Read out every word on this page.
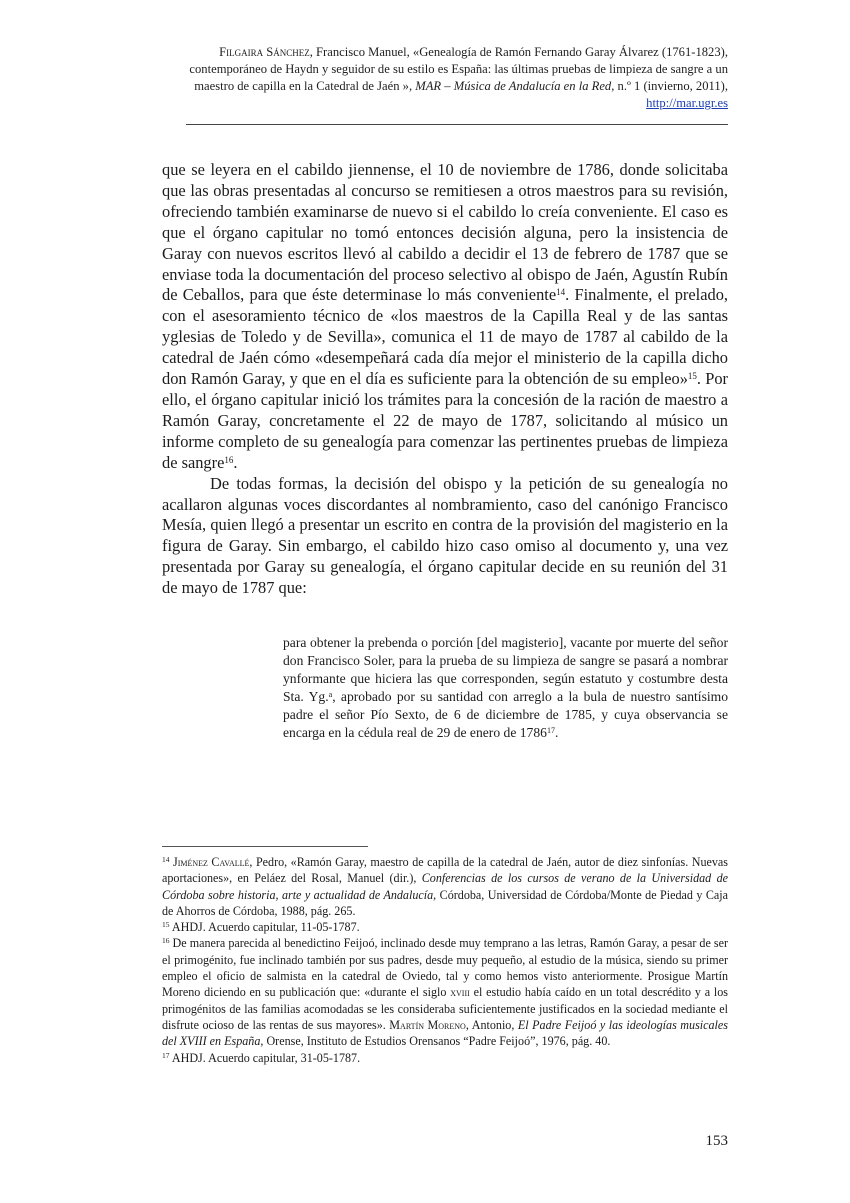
Filgaira Sánchez, Francisco Manuel, «Genealogía de Ramón Fernando Garay Álvarez (1761-1823), contemporáneo de Haydn y seguidor de su estilo es España: las últimas pruebas de limpieza de sangre a un maestro de capilla en la Catedral de Jaén », MAR – Música de Andalucía en la Red, n.º 1 (invierno, 2011), http://mar.ugr.es

que se leyera en el cabildo jiennense, el 10 de noviembre de 1786, donde solicitaba que las obras presentadas al concurso se remitiesen a otros maestros para su revisión, ofreciendo también examinarse de nuevo si el cabildo lo creía conveniente. El caso es que el órgano capitular no tomó entonces decisión alguna, pero la insistencia de Garay con nuevos escritos llevó al cabildo a decidir el 13 de febrero de 1787 que se enviase toda la documentación del proceso selectivo al obispo de Jaén, Agustín Rubín de Ceballos, para que éste determinase lo más conveniente$^{14}$. Finalmente, el prelado, con el asesoramiento técnico de «los maestros de la Capilla Real y de las santas yglesias de Toledo y de Sevilla», comunica el 11 de mayo de 1787 al cabildo de la catedral de Jaén cómo «desempeñará cada día mejor el ministerio de la capilla dicho don Ramón Garay, y que en el día es suficiente para la obtención de su empleo»$^{15}$. Por ello, el órgano capitular inició los trámites para la concesión de la ración de maestro a Ramón Garay, concretamente el 22 de mayo de 1787, solicitando al músico un informe completo de su genealogía para comenzar las pertinentes pruebas de limpieza de sangre$^{16}$.

De todas formas, la decisión del obispo y la petición de su genealogía no acallaron algunas voces discordantes al nombramiento, caso del canónigo Francisco Mesía, quien llegó a presentar un escrito en contra de la provisión del magisterio en la figura de Garay. Sin embargo, el cabildo hizo caso omiso al documento y, una vez presentada por Garay su genealogía, el órgano capitular decide en su reunión del 31 de mayo de 1787 que:

para obtener la prebenda o porción [del magisterio], vacante por muerte del señor don Francisco Soler, para la prueba de su limpieza de sangre se pasará a nombrar ynformante que hiciera las que corresponden, según estatuto y costumbre desta Sta. Yg.$^a$, aprobado por su santidad con arreglo a la bula de nuestro santísimo padre el señor Pío Sexto, de 6 de diciembre de 1785, y cuya observancia se encarga en la cédula real de 29 de enero de 1786$^{17}$.

$^{14}$ Jiménez Cavallé, Pedro, «Ramón Garay, maestro de capilla de la catedral de Jaén, autor de diez sinfonías. Nuevas aportaciones», en Peláez del Rosal, Manuel (dir.), Conferencias de los cursos de verano de la Universidad de Córdoba sobre historia, arte y actualidad de Andalucía, Córdoba, Universidad de Córdoba/Monte de Piedad y Caja de Ahorros de Córdoba, 1988, pág. 265.

$^{15}$ AHDJ. Acuerdo capitular, 11-05-1787.

$^{16}$ De manera parecida al benedictino Feijoó, inclinado desde muy temprano a las letras, Ramón Garay, a pesar de ser el primogénito, fue inclinado también por sus padres, desde muy pequeño, al estudio de la música, siendo su primer empleo el oficio de salmista en la catedral de Oviedo, tal y como hemos visto anteriormente. Prosigue Martín Moreno diciendo en su publicación que: «durante el siglo xviii el estudio había caído en un total descrédito y a los primogénitos de las familias acomodadas se les consideraba suficientemente justificados en la sociedad mediante el disfrute ocioso de las rentas de sus mayores». Martín Moreno, Antonio, El Padre Feijoó y las ideologías musicales del XVIII en España, Orense, Instituto de Estudios Orensanos “Padre Feijoó”, 1976, pág. 40.

$^{17}$ AHDJ. Acuerdo capitular, 31-05-1787.

153
